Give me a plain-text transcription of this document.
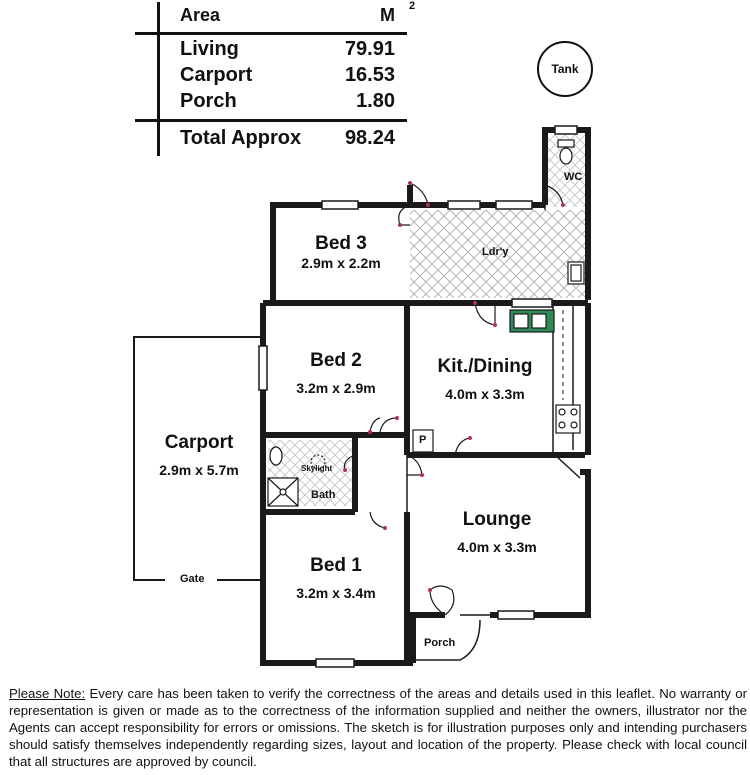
Area	M 2
Living	79.91
Carport	16.53
Porch	1.80
Total Approx 98.24
Tank
Bed 3
2.9m x 2.2m
Bed 2
3.2m x 2.9m
Bed 1
3.2m x 3.4m
Kit./Dining
4.0m x 3.3m
Lounge
4.0m x 3.3m
Carport
2.9m x 5.7m
Ldr'y
WC
Bath
Skylight
P
Porch
Gate
Please Note: Every care has been taken to verify the correctness of the areas and details used in this leaflet. No warranty or representation is given or made as to the correctness of the information supplied and neither the owners, illustrator nor the Agents can accept responsibility for errors or omissions. The sketch is for illustration purposes only and intending purchasers should satisfy themselves independently regarding sizes, layout and location of the property. Please check with local council that all structures are approved by council.
